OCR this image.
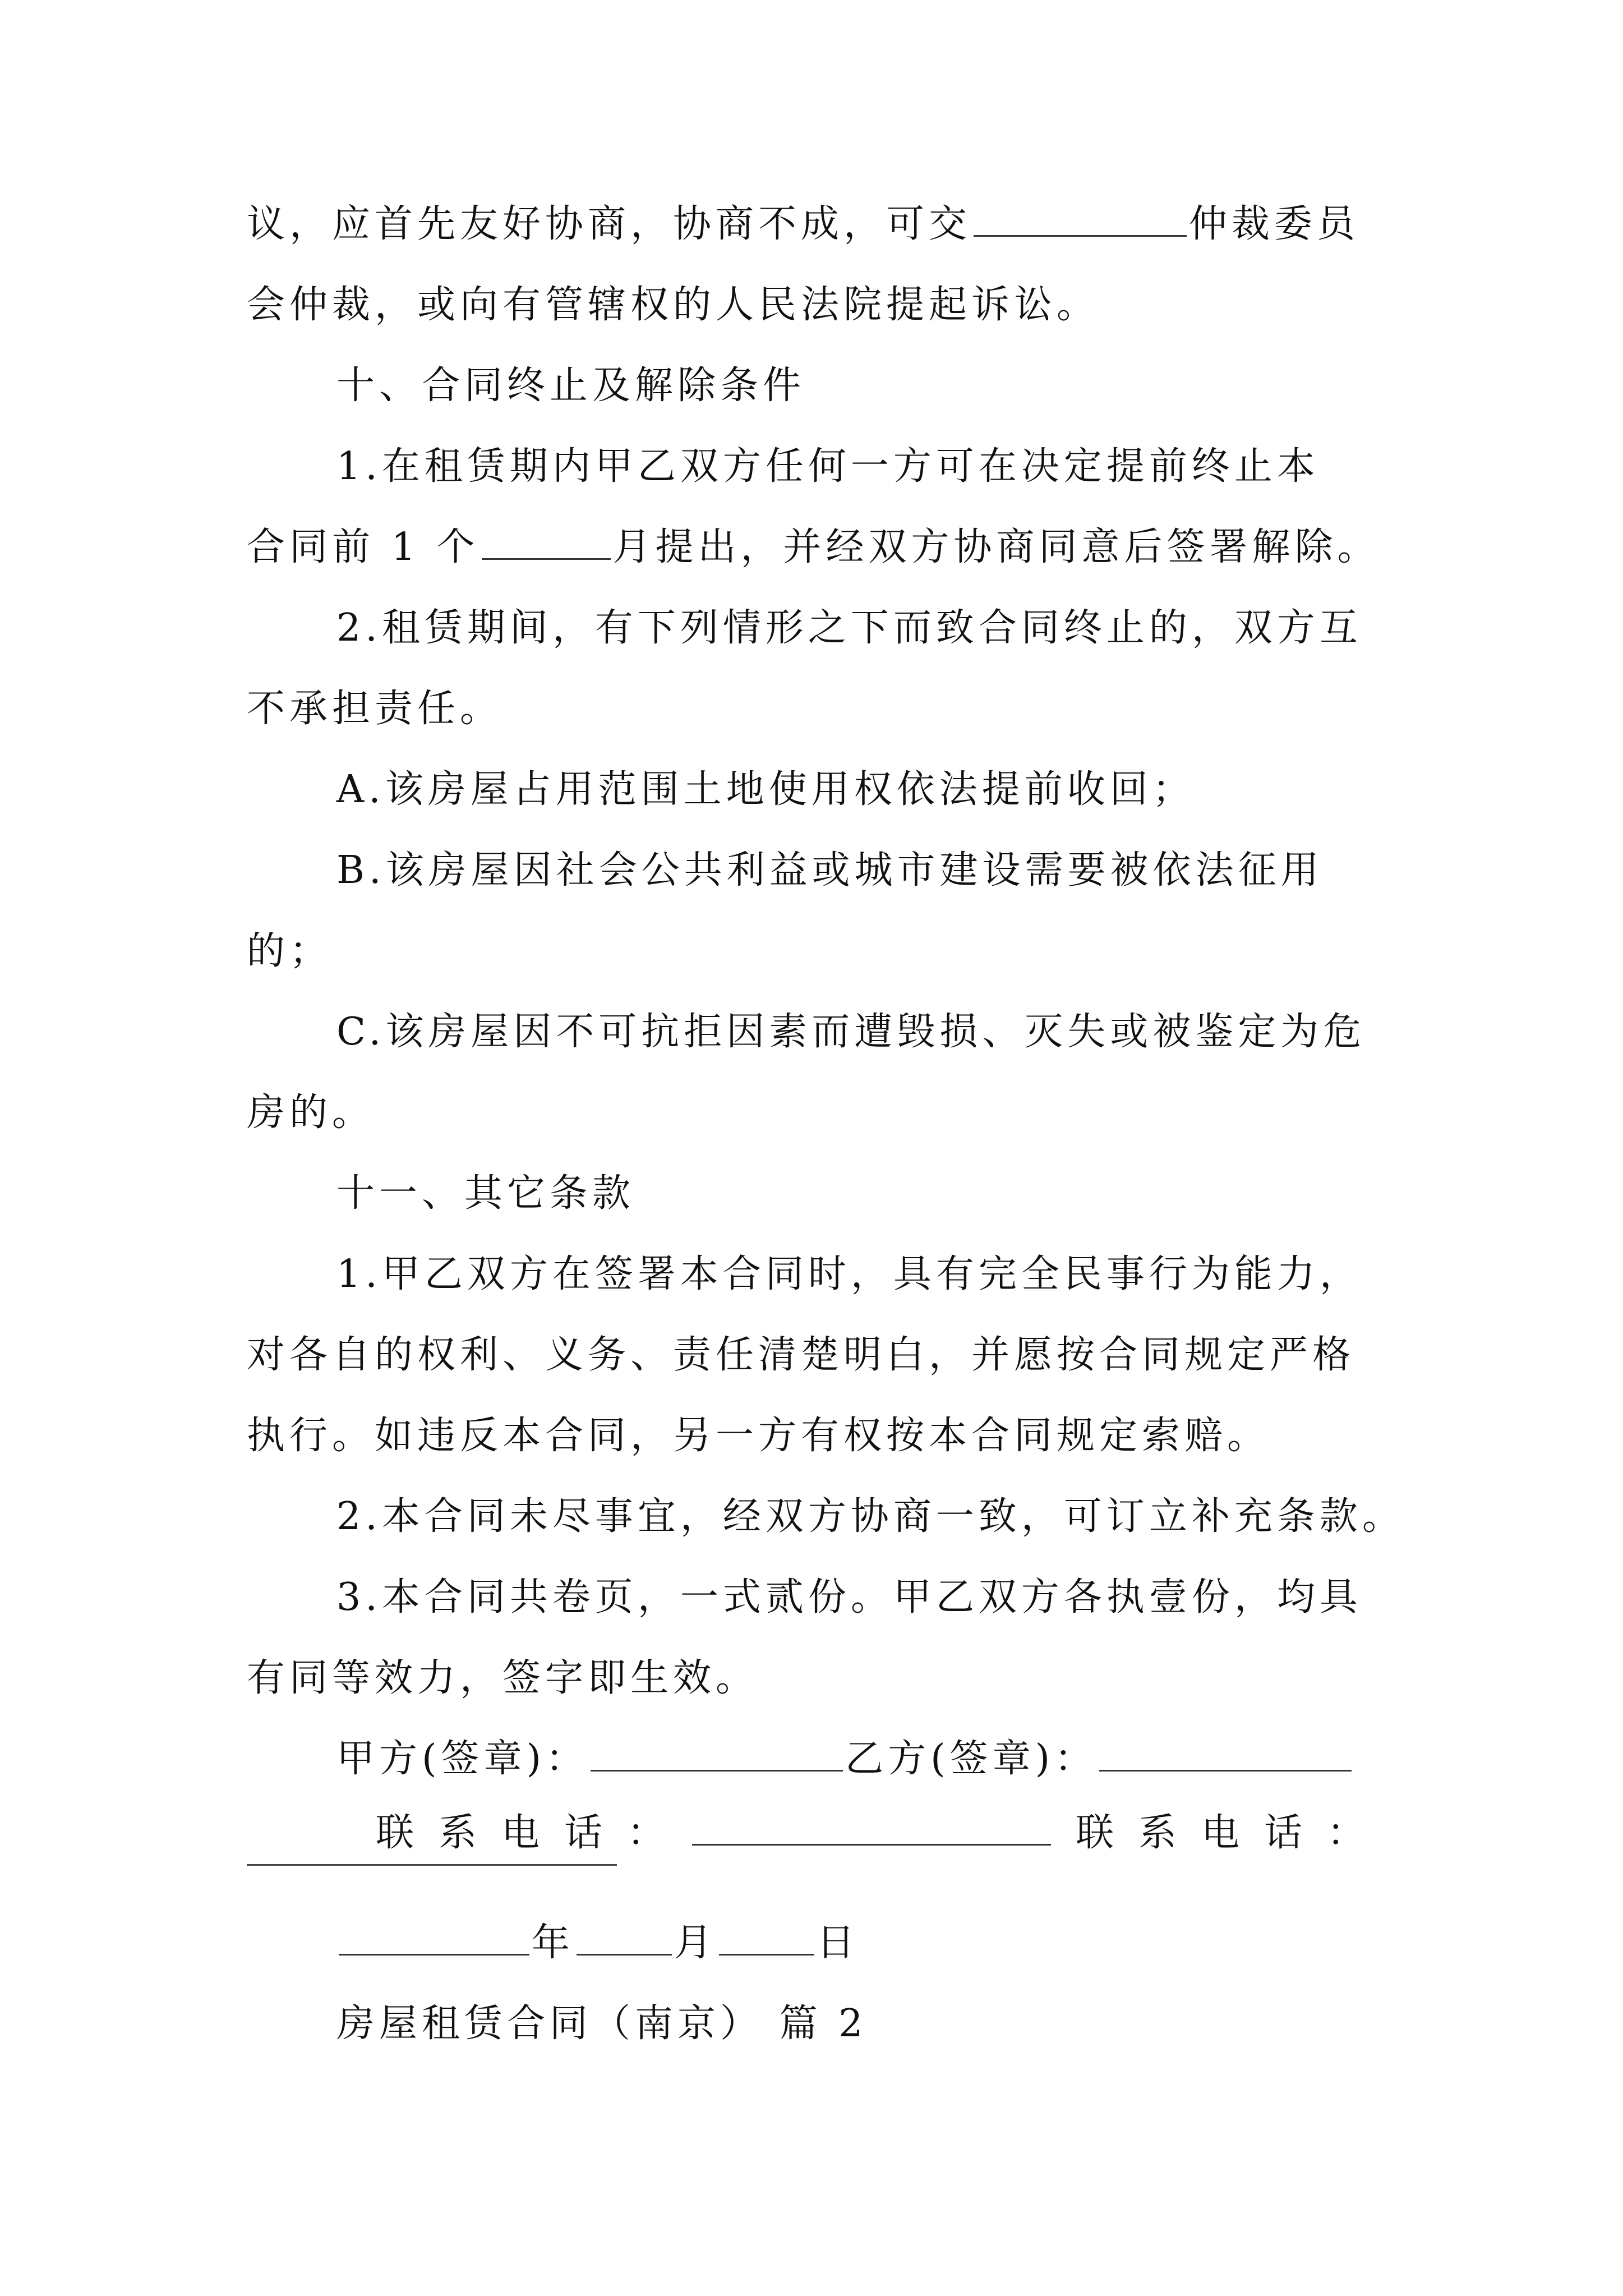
议，应首先友好协商，协商不成，可交	仲裁委员
会仲裁，或向有管辖权的人民法院提起诉讼。
十、合同终止及解除条件
1.在租赁期内甲乙双方任何一方可在决定提前终止本
合同前 1 个	月提出，并经双方协商同意后签署解除。
2.租赁期间，有下列情形之下而致合同终止的，双方互
不承担责任。
A.该房屋占用范围土地使用权依法提前收回；
B.该房屋因社会公共利益或城市建设需要被依法征用
的；
C.该房屋因不可抗拒因素而遭毁损、灭失或被鉴定为危
房的。
十一、其它条款
1.甲乙双方在签署本合同时，具有完全民事行为能力，
对各自的权利、义务、责任清楚明白，并愿按合同规定严格
执行。如违反本合同，另一方有权按本合同规定索赔。
2.本合同未尽事宜，经双方协商一致，可订立补充条款。
3.本合同共卷页，一式贰份。甲乙双方各执壹份，均具
有同等效力，签字即生效。
甲方(签章)：	乙方(签章)：
联系电话：	联系电话：
年	月	日
房屋租赁合同（南京） 篇 2
